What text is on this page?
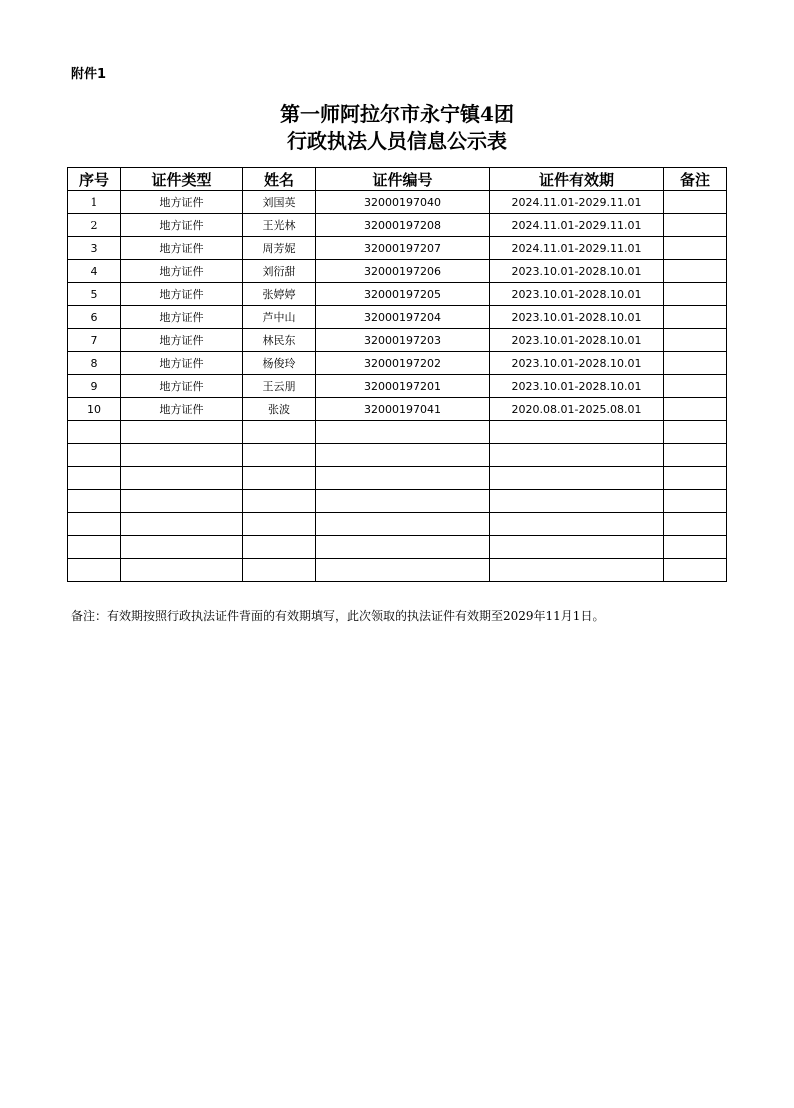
附件1
第一师阿拉尔市永宁镇4团
行政执法人员信息公示表
序号	证件类型	姓名	证件编号	证件有效期	备注
1	地方证件	刘国英	32000197040	2024.11.01-2029.11.01	
2	地方证件	王光林	32000197208	2024.11.01-2029.11.01	
3	地方证件	周芳妮	32000197207	2024.11.01-2029.11.01	
4	地方证件	刘衍甜	32000197206	2023.10.01-2028.10.01	
5	地方证件	张婷婷	32000197205	2023.10.01-2028.10.01	
6	地方证件	芦中山	32000197204	2023.10.01-2028.10.01	
7	地方证件	林民东	32000197203	2023.10.01-2028.10.01	
8	地方证件	杨俊玲	32000197202	2023.10.01-2028.10.01	
9	地方证件	王云朋	32000197201	2023.10.01-2028.10.01	
10	地方证件	张波	32000197041	2020.08.01-2025.08.01	

备注：有效期按照行政执法证件背面的有效期填写，此次领取的执法证件有效期至2029年11月1日。
